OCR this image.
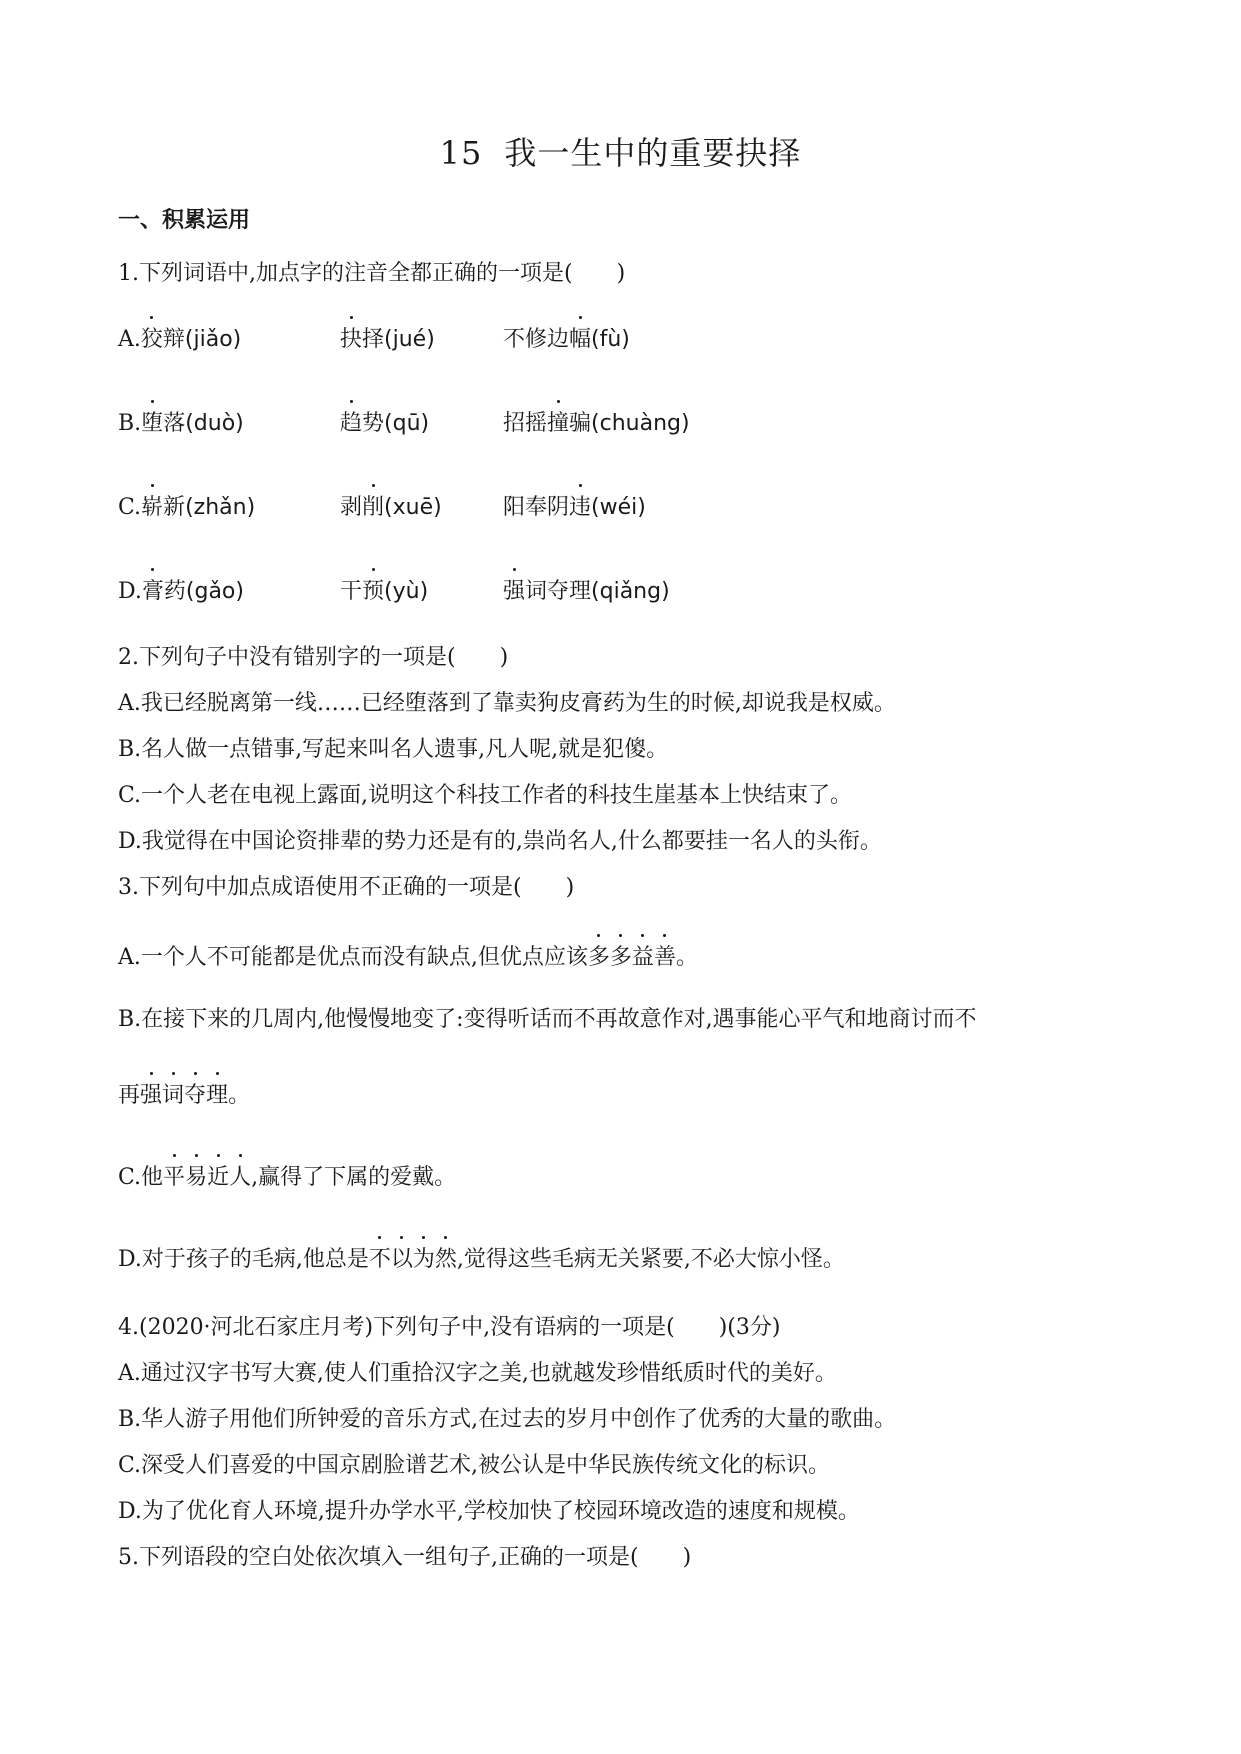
15 我一生中的重要抉择
一、积累运用
1.下列词语中,加点字的注音全都正确的一项是(　　)
A.狡辩(jiǎo)	抉择(jué)	不修边幅(fù)
B.堕落(duò)	趋势(qū)	招摇撞骗(chuàng)
C.崭新(zhǎn)	剥削(xuē)	阳奉阴违(wéi)
D.膏药(gǎo)	干预(yù)	强词夺理(qiǎng)
2.下列句子中没有错别字的一项是(　　)
A.我已经脱离第一线……已经堕落到了靠卖狗皮膏药为生的时候,却说我是权威。
B.名人做一点错事,写起来叫名人遗事,凡人呢,就是犯傻。
C.一个人老在电视上露面,说明这个科技工作者的科技生崖基本上快结束了。
D.我觉得在中国论资排辈的势力还是有的,祟尚名人,什么都要挂一名人的头衔。
3.下列句中加点成语使用不正确的一项是(　　)
A.一个人不可能都是优点而没有缺点,但优点应该多多益善。
B.在接下来的几周内,他慢慢地变了:变得听话而不再故意作对,遇事能心平气和地商讨而不
再强词夺理。
C.他平易近人,赢得了下属的爱戴。
D.对于孩子的毛病,他总是不以为然,觉得这些毛病无关紧要,不必大惊小怪。
4.(2020·河北石家庄月考)下列句子中,没有语病的一项是(　　)(3分)
A.通过汉字书写大赛,使人们重拾汉字之美,也就越发珍惜纸质时代的美好。
B.华人游子用他们所钟爱的音乐方式,在过去的岁月中创作了优秀的大量的歌曲。
C.深受人们喜爱的中国京剧脸谱艺术,被公认是中华民族传统文化的标识。
D.为了优化育人环境,提升办学水平,学校加快了校园环境改造的速度和规模。
5.下列语段的空白处依次填入一组句子,正确的一项是(　　)
